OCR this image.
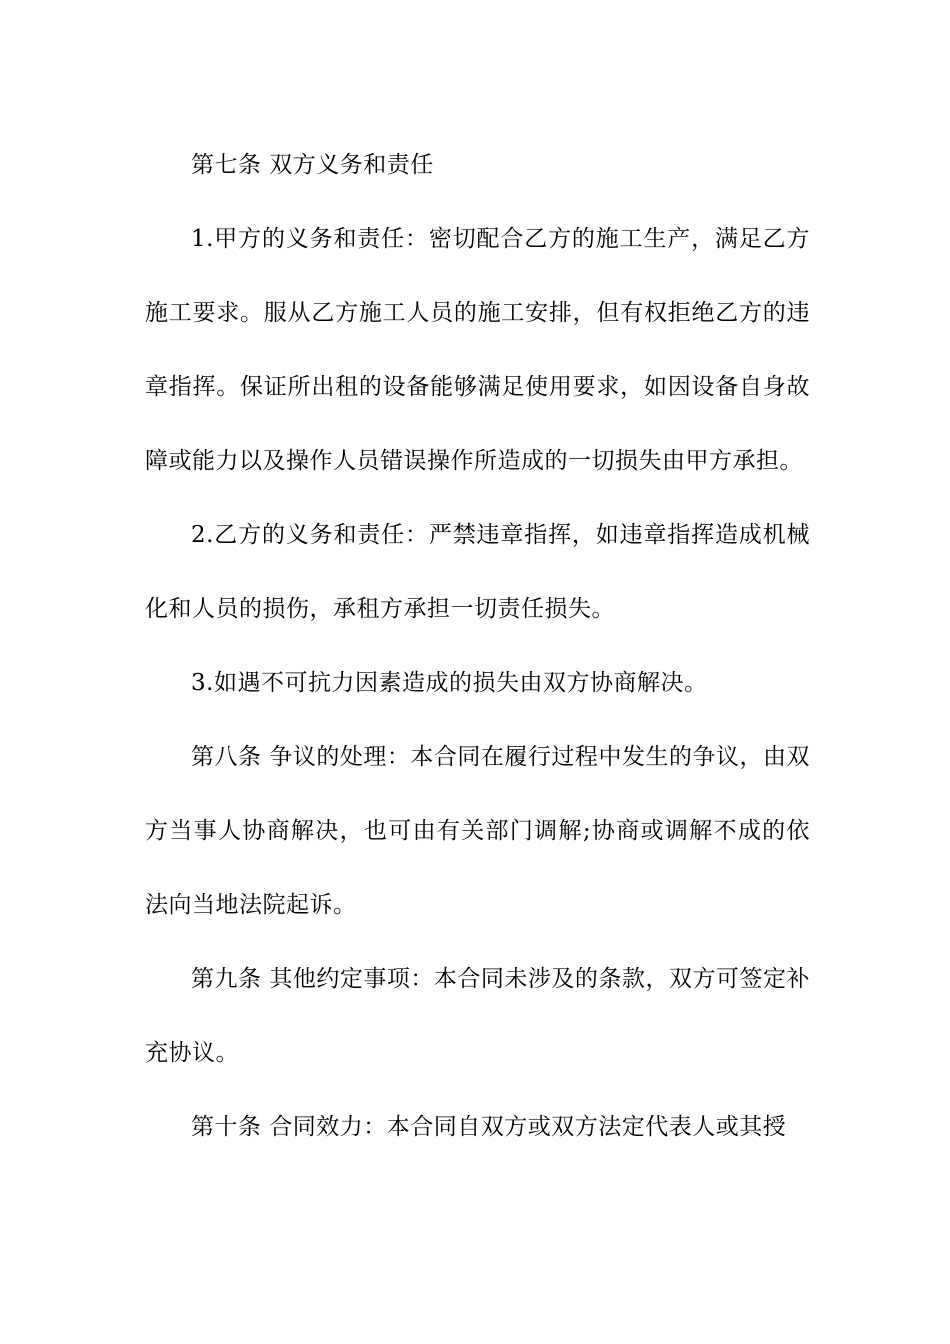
第七条 双方义务和责任

1.甲方的义务和责任：密切配合乙方的施工生产，满足乙方施工要求。服从乙方施工人员的施工安排，但有权拒绝乙方的违章指挥。保证所出租的设备能够满足使用要求，如因设备自身故障或能力以及操作人员错误操作所造成的一切损失由甲方承担。

2.乙方的义务和责任：严禁违章指挥，如违章指挥造成机械化和人员的损伤，承租方承担一切责任损失。

3.如遇不可抗力因素造成的损失由双方协商解决。

第八条 争议的处理：本合同在履行过程中发生的争议，由双方当事人协商解决，也可由有关部门调解;协商或调解不成的依法向当地法院起诉。

第九条 其他约定事项：本合同未涉及的条款，双方可签定补充协议。

第十条 合同效力：本合同自双方或双方法定代表人或其授
